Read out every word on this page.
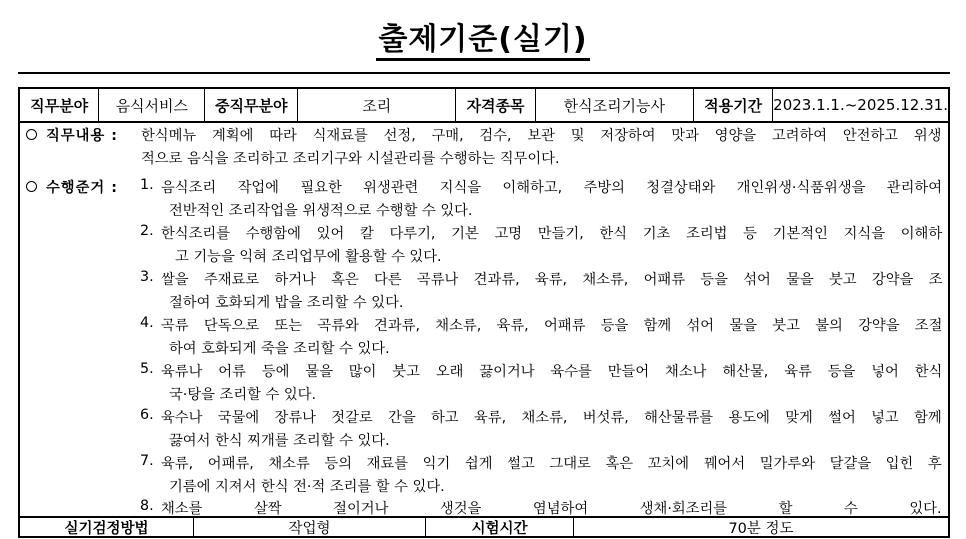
출제기준(실기)
직무분야	음식서비스	중직무분야	조리	자격종목	한식조리기능사	적용기간 2023.1.1.~2025.12.31.
직무내용 : 한식메뉴 계획에 따라 식재료를 선정, 구매, 검수, 보관 및 저장하여 맛과 영양을 고려하여 안전하고 위생
적으로 음식을 조리하고 조리기구와 시설관리를 수행하는 직무이다.
수행준거 : 1. 음식조리 작업에 필요한 위생관련 지식을 이해하고, 주방의 청결상태와 개인위생·식품위생을 관리하여
전반적인 조리작업을 위생적으로 수행할 수 있다.
2. 한식조리를 수행함에 있어 칼 다루기, 기본 고명 만들기, 한식 기초 조리법 등 기본적인 지식을 이해하
고 기능을 익혀 조리업무에 활용할 수 있다.
3. 쌀을 주재료로 하거나 혹은 다른 곡류나 견과류, 육류, 채소류, 어패류 등을 섞어 물을 붓고 강약을 조
절하여 호화되게 밥을 조리할 수 있다.
4. 곡류 단독으로 또는 곡류와 견과류, 채소류, 육류, 어패류 등을 함께 섞어 물을 붓고 불의 강약을 조절
하여 호화되게 죽을 조리할 수 있다.
5. 육류나 어류 등에 물을 많이 붓고 오래 끓이거나 육수를 만들어 채소나 해산물, 육류 등을 넣어 한식
국·탕을 조리할 수 있다.
6. 육수나 국물에 장류나 젓갈로 간을 하고 육류, 채소류, 버섯류, 해산물류를 용도에 맞게 썰어 넣고 함께
끓여서 한식 찌개를 조리할 수 있다.
7. 육류, 어패류, 채소류 등의 재료를 익기 쉽게 썰고 그대로 혹은 꼬치에 꿰어서 밀가루와 달걀을 입힌 후
기름에 지져서 한식 전·적 조리를 할 수 있다.
8. 채소를 살짝 절이거나 생것을 염념하여 생채·회조리를 할 수 있다.
실기검정방법	작업형	시험시간	70분 정도
